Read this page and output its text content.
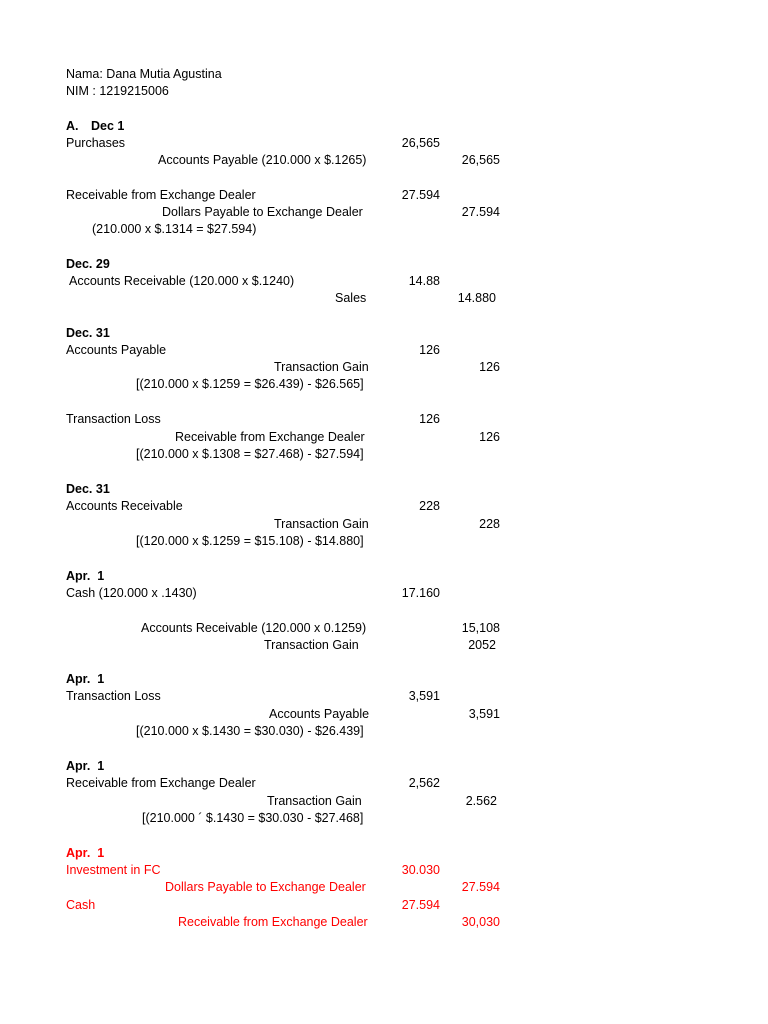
Nama: Dana Mutia Agustina
NIM : 1219215006
A. Dec 1
Purchases	26,565
Accounts Payable (210.000 x $.1265)	26,565
Receivable from Exchange Dealer	27.594
Dollars Payable to Exchange Dealer	27.594
(210.000 x $.1314 = $27.594)
Dec. 29
Accounts Receivable (120.000 x $.1240)	14.88
Sales	14.880
Dec. 31
Accounts Payable	126
Transaction Gain	126
[(210.000 x $.1259 = $26.439) - $26.565]
Transaction Loss	126
Receivable from Exchange Dealer	126
[(210.000 x $.1308 = $27.468) - $27.594]
Dec. 31
Accounts Receivable	228
Transaction Gain	228
[(120.000 x $.1259 = $15.108) - $14.880]
Apr.  1
Cash (120.000 x .1430)	17.160
Accounts Receivable (120.000 x 0.1259)	15,108
Transaction Gain	2052
Apr.  1
Transaction Loss	3,591
Accounts Payable	3,591
[(210.000 x $.1430 = $30.030) - $26.439]
Apr.  1
Receivable from Exchange Dealer	2,562
Transaction Gain	2.562
[(210.000 ´ $.1430 = $30.030 - $27.468]
Apr.  1
Investment in FC	30.030
Dollars Payable to Exchange Dealer	27.594
Cash	27.594
Receivable from Exchange Dealer	30,030
